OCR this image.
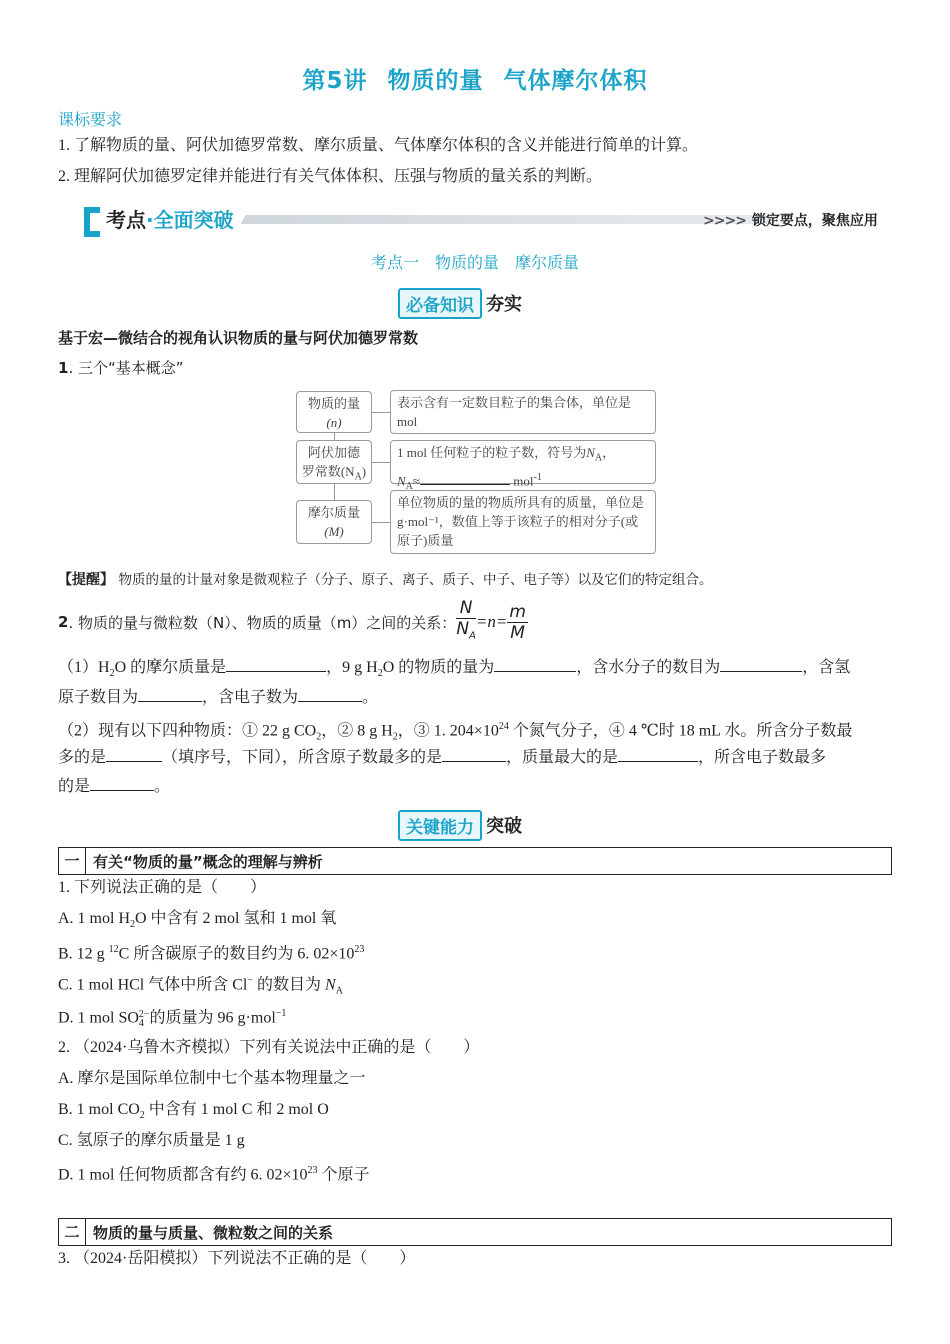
第5讲 物质的量 气体摩尔体积
课标要求
1. 了解物质的量、阿伏加德罗常数、摩尔质量、气体摩尔体积的含义并能进行简单的计算。
2. 理解阿伏加德罗定律并能进行有关气体体积、压强与物质的量关系的判断。
考点·全面突破	>>>> 锁定要点，聚焦应用
考点一　物质的量　摩尔质量
必备知识 夯实
基于宏—微结合的视角认识物质的量与阿伏加德罗常数
1. 三个“基本概念”
物质的量
(n)
表示含有一定数目粒子的集合体，单位是 mol
阿伏加德
罗常数$(N_A)$
1 mol 任何粒子的粒子数，符号为$N_A$，
$N_A\approx$	mol$^{-1}$
摩尔质量
(M)
单位物质的量的物质所具有的质量，单位是g·mol⁻¹，数值上等于该粒子的相对分子(或原子)质量
【提醒】 物质的量的计量对象是微观粒子（分子、原子、离子、质子、中子、电子等）以及它们的特定组合。
2 . 物质的量与微粒数（N）、物质的质量（m）之间的关系： $\frac{N}{N_A} =n= \frac{m}{M}$
$(1)H_2O$ 的摩尔质量是	，9 g $H_2O$ 的物质的量为	，含水分子的数目为	，含氢
原子数目为	，含电子数为	。
（2）现有以下四种物质：① 22 g $CO_2$，② 8 g $H_2$，③ 1. $204\times 10^{24}$ 个氮气分子，④ 4 ℃时 18 mL 水。所含分子数最
多的是	（填序号，下同），所含原子数最多的是	，质量最大的是	，所含电子数最多
的是	。
关键能力 突破
一 有关“物质的量”概念的理解与辨析
1. 下列说法正确的是（　　）
A. 1 mol $H_2O$ 中含有 2 mol 氢和 1 mol 氧
B. 12 g $^{12}$C 所含碳原子的数目约为 6. $02\times 10^{23}$
C. 1 mol HCl 气体中所含 Cl− 的数目为 $N_A$
D. 1 mol SO 2−
4 的质量为 96 g·mol$^{-1}$
2. （2024·乌鲁木齐模拟）下列有关说法中正确的是（　　）
A. 摩尔是国际单位制中七个基本物理量之一
B. 1 mol $CO_2$ 中含有 1 mol C 和 2 mol O
C. 氢原子的摩尔质量是 1 g
D. 1 mol 任何物质都含有约 6. $02\times 10^{23}$ 个原子
二 物质的量与质量、微粒数之间的关系
3. （2024·岳阳模拟）下列说法不正确的是（　　）
